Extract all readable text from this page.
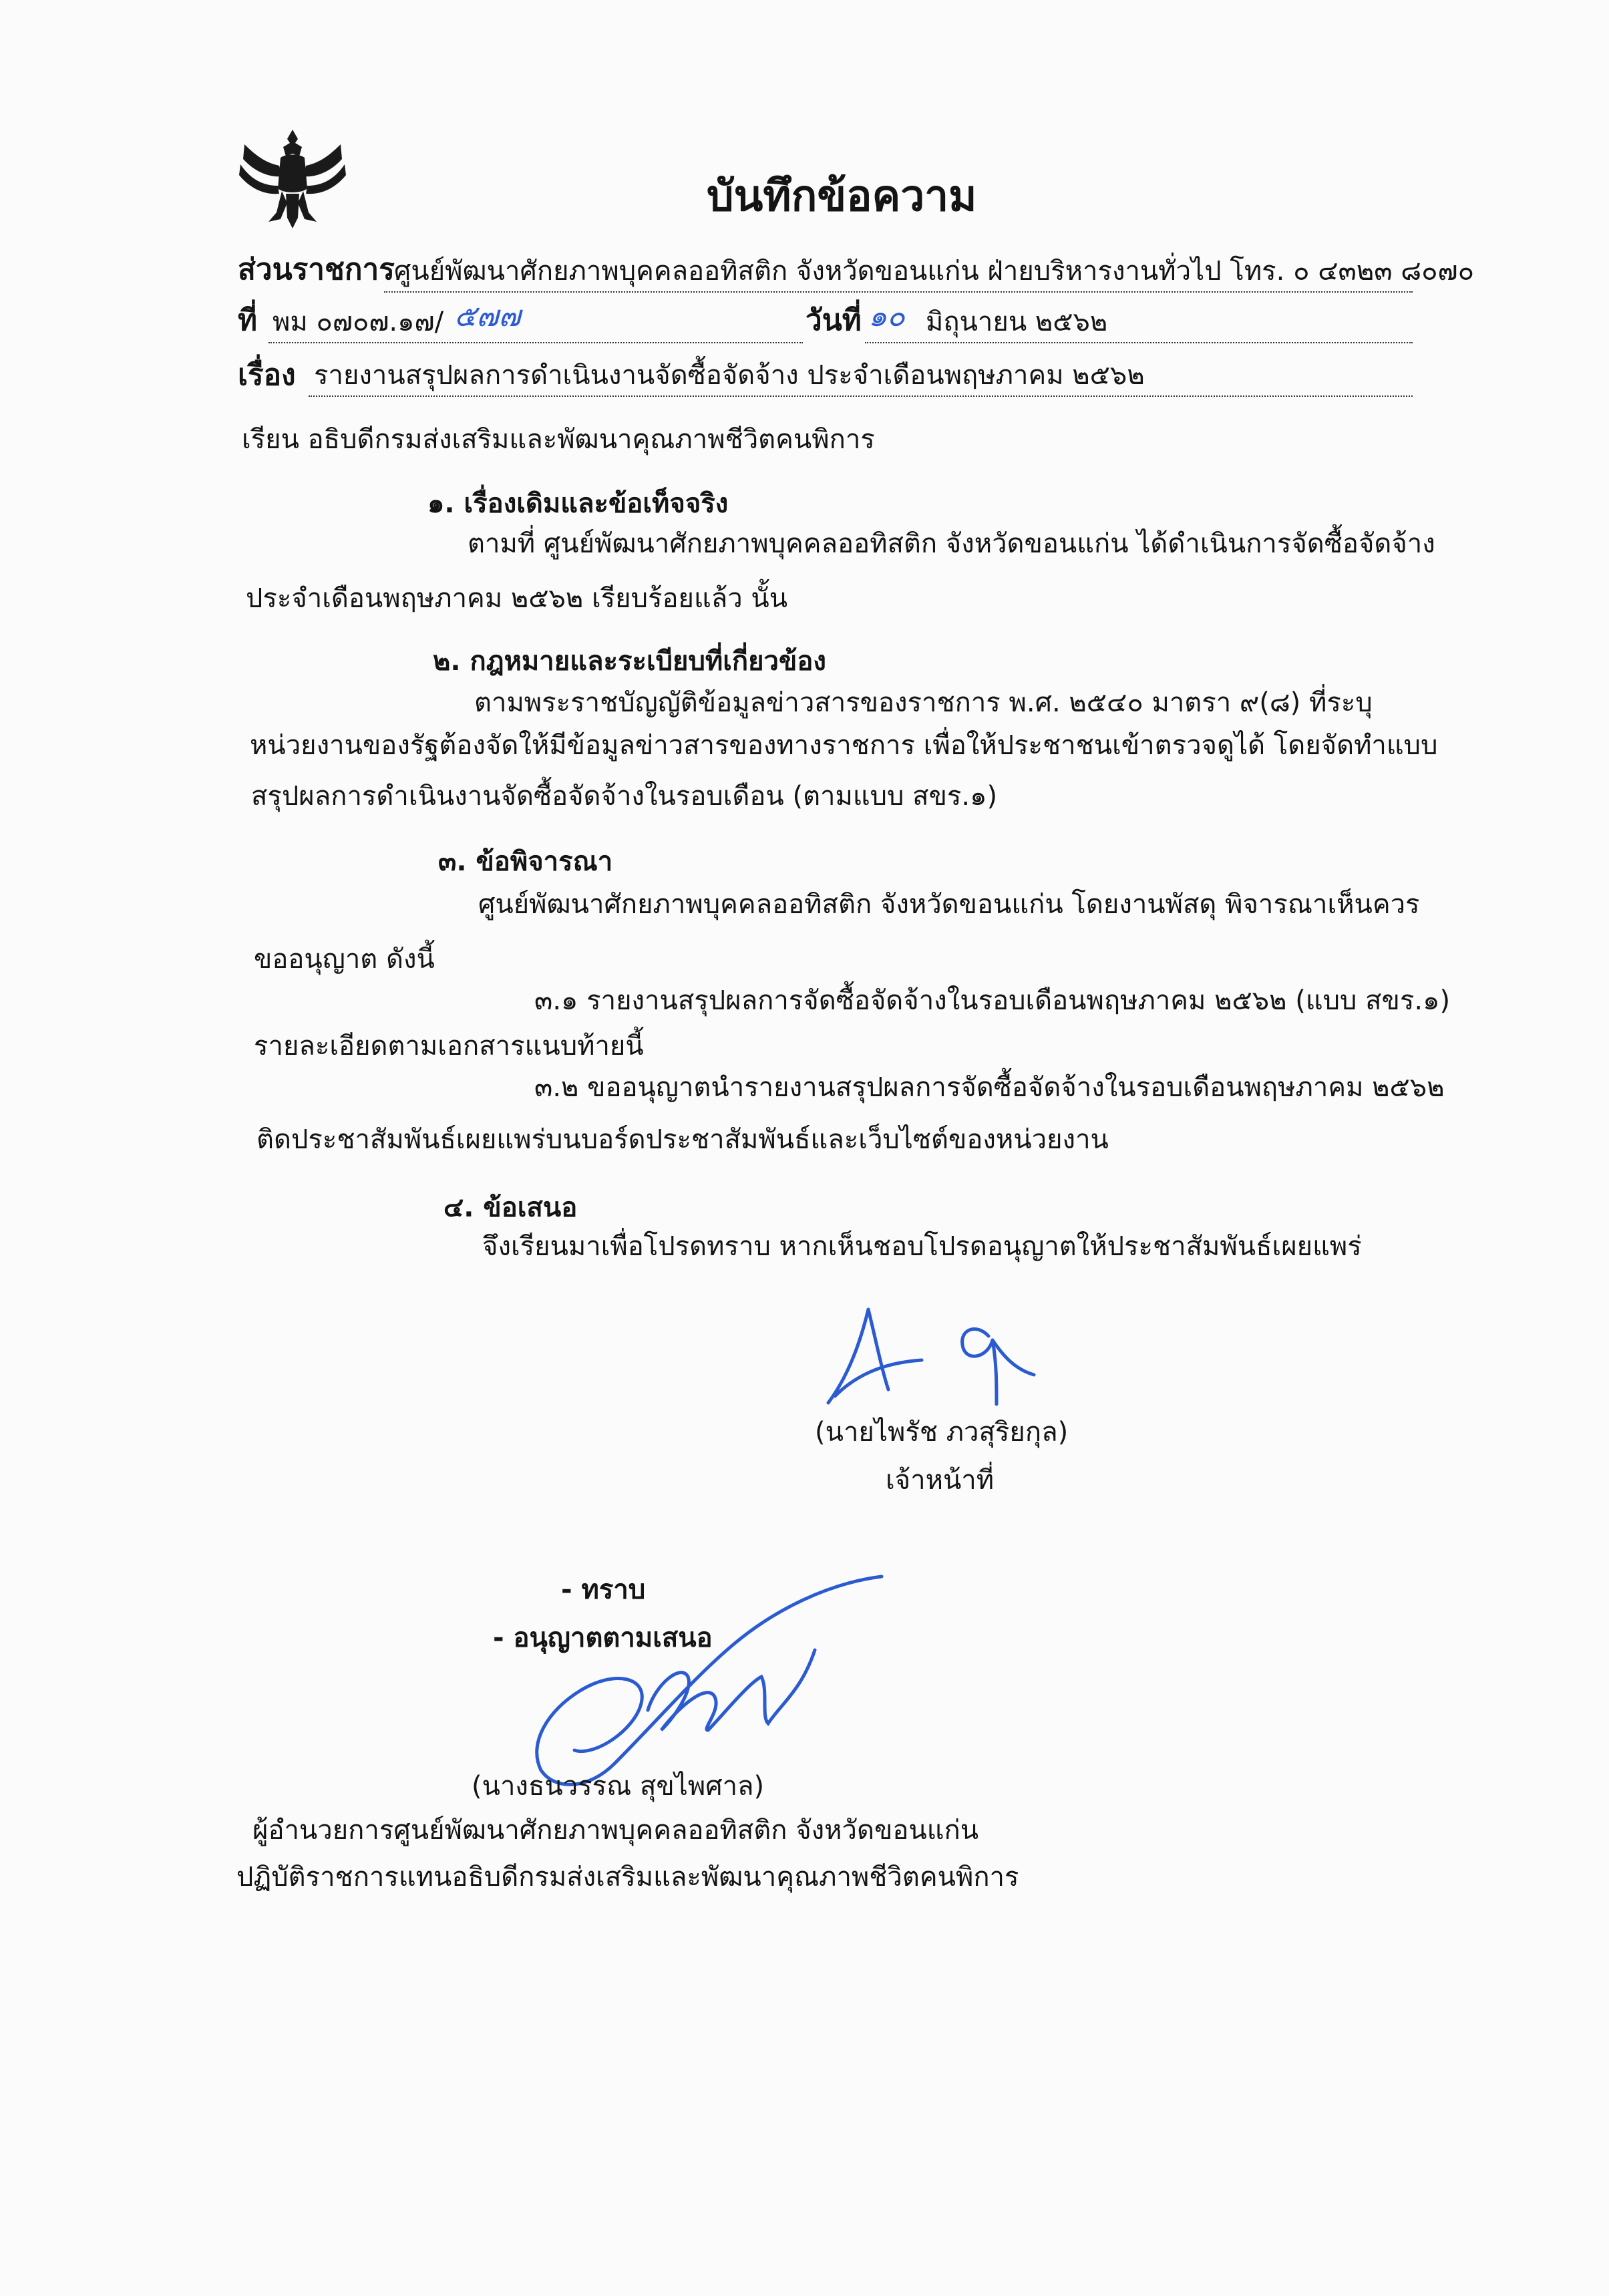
บันทึกข้อความ
ส่วนราชการ ศูนย์พัฒนาศักยภาพบุคคลออทิสติก จังหวัดขอนแก่น ฝ่ายบริหารงานทั่วไป โทร. ๐ ๔๓๒๓ ๘๐๗๐
ที่ พม ๐๗๐๗.๑๗/ ๕๗๗	วันที่ ๑๐ มิถุนายน ๒๕๖๒
เรื่อง รายงานสรุปผลการดำเนินงานจัดซื้อจัดจ้าง ประจำเดือนพฤษภาคม ๒๕๖๒
เรียน อธิบดีกรมส่งเสริมและพัฒนาคุณภาพชีวิตคนพิการ
๑. เรื่องเดิมและข้อเท็จจริง
ตามที่ ศูนย์พัฒนาศักยภาพบุคคลออทิสติก จังหวัดขอนแก่น ได้ดำเนินการจัดซื้อจัดจ้าง
ประจำเดือนพฤษภาคม ๒๕๖๒ เรียบร้อยแล้ว นั้น
๒. กฎหมายและระเบียบที่เกี่ยวข้อง
ตามพระราชบัญญัติข้อมูลข่าวสารของราชการ พ.ศ. ๒๕๔๐ มาตรา ๙(๘) ที่ระบุ
หน่วยงานของรัฐต้องจัดให้มีข้อมูลข่าวสารของทางราชการ เพื่อให้ประชาชนเข้าตรวจดูได้ โดยจัดทำแบบ
สรุปผลการดำเนินงานจัดซื้อจัดจ้างในรอบเดือน (ตามแบบ สขร.๑)
๓. ข้อพิจารณา
ศูนย์พัฒนาศักยภาพบุคคลออทิสติก จังหวัดขอนแก่น โดยงานพัสดุ พิจารณาเห็นควร
ขออนุญาต ดังนี้
๓.๑ รายงานสรุปผลการจัดซื้อจัดจ้างในรอบเดือนพฤษภาคม ๒๕๖๒ (แบบ สขร.๑)
รายละเอียดตามเอกสารแนบท้ายนี้
๓.๒ ขออนุญาตนำรายงานสรุปผลการจัดซื้อจัดจ้างในรอบเดือนพฤษภาคม ๒๕๖๒
ติดประชาสัมพันธ์เผยแพร่บนบอร์ดประชาสัมพันธ์และเว็บไซต์ของหน่วยงาน
๔. ข้อเสนอ
จึงเรียนมาเพื่อโปรดทราบ หากเห็นชอบโปรดอนุญาตให้ประชาสัมพันธ์เผยแพร่
(นายไพรัช ภวสุริยกุล)
เจ้าหน้าที่
- ทราบ
- อนุญาตตามเสนอ
(นางธนวรรณ สุขไพศาล)
ผู้อำนวยการศูนย์พัฒนาศักยภาพบุคคลออทิสติก จังหวัดขอนแก่น
ปฏิบัติราชการแทนอธิบดีกรมส่งเสริมและพัฒนาคุณภาพชีวิตคนพิการ
